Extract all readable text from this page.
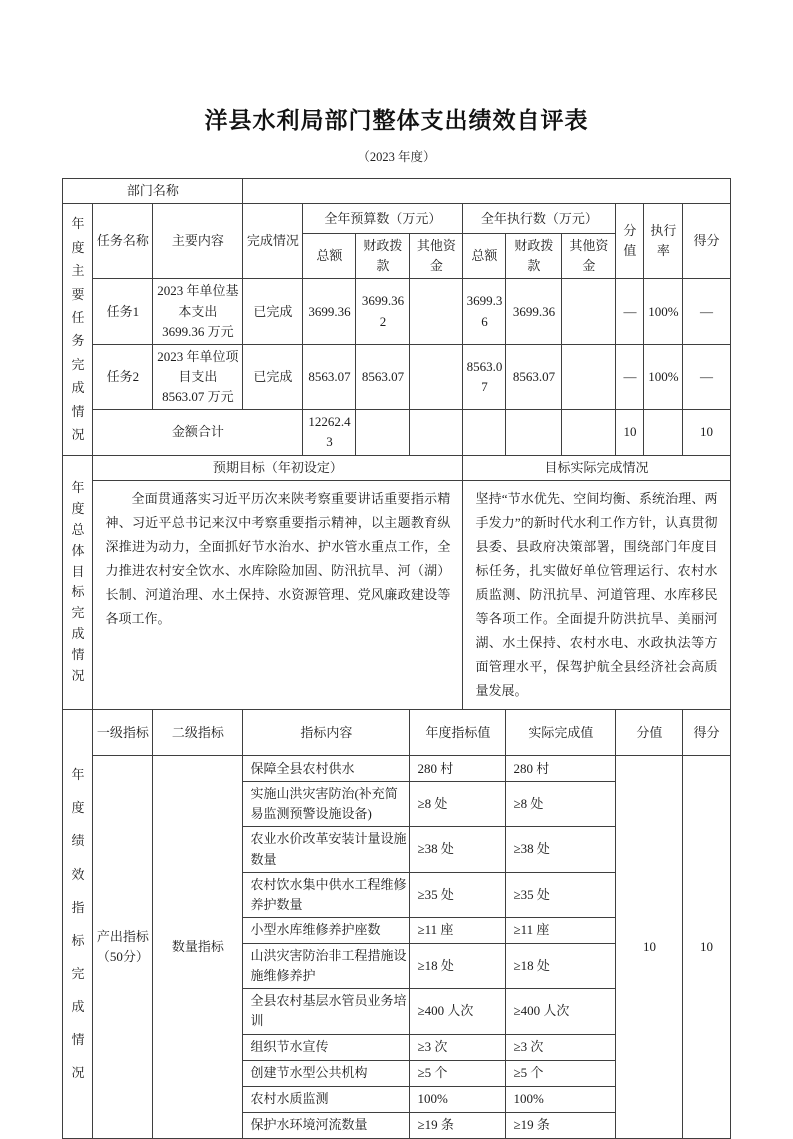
洋县水利局部门整体支出绩效自评表
（2023 年度）
部门名称												
年度主要任务完成情况	任务名称	主要内容	完成情况	全年预算数（万元）			全年执行数（万元）			分值	执行率	得分
				总额	财政拨款	其他资金	总额	财政拨款	其他资金			
	任务1	2023 年单位基本支出 3699.36 万元	已完成	3699.36	3699.362		3699.36	3699.36		—	100%	—
	任务2	2023 年单位项目支出 8563.07 万元	已完成	8563.07	8563.07		8563.07	8563.07		—	100%	—
	金额合计			12262.43						10		10
年度总体目标完成情况	预期目标（年初设定）						目标实际完成情况					

	全面贯通落实习近平历次来陕考察重要讲话重要指示精神、习近平总书记来汉中考察重要指示精神，以主题教育纵深推进为动力，全面抓好节水治水、护水管水重点工作，全力推进农村安全饮水、水库除险加固、防汛抗旱、河（湖）长制、河道治理、水土保持、水资源管理、党风廉政建设等各项工作。						坚持“节水优先、空间均衡、系统治理、两手发力”的新时代水利工作方针，认真贯彻县委、县政府决策部署，围绕部门年度目标任务，扎实做好单位管理运行、农村水质监测、防汛抗旱、河道管理、水库移民等各项工作。全面提升防洪抗旱、美丽河湖、水土保持、农村水电、水政执法等方面管理水平，保驾护航全县经济社会高质量发展。					

年度绩效指标完成情况	一级指标	二级指标	指标内容			年度指标值		实际完成值		分值		得分
	产出指标（50分）	数量指标	保障全县农村供水			280 村		280 村		10		10
			实施山洪灾害防治(补充简易监测预警设施设备)			≥8 处		≥8 处				
			农业水价改革安装计量设施数量			≥38 处		≥38 处				
			农村饮水集中供水工程维修养护数量			≥35 处		≥35 处				
			小型水库维修养护座数			≥11 座		≥11 座				
			山洪灾害防治非工程措施设施维修养护			≥18 处		≥18 处				
			全县农村基层水管员业务培训			≥400 人次		≥400 人次				
			组织节水宣传			≥3 次		≥3 次				
			创建节水型公共机构			≥5 个		≥5 个				
			农村水质监测			100%		100%				
			保护水环境河流数量			≥19 条		≥19 条				
